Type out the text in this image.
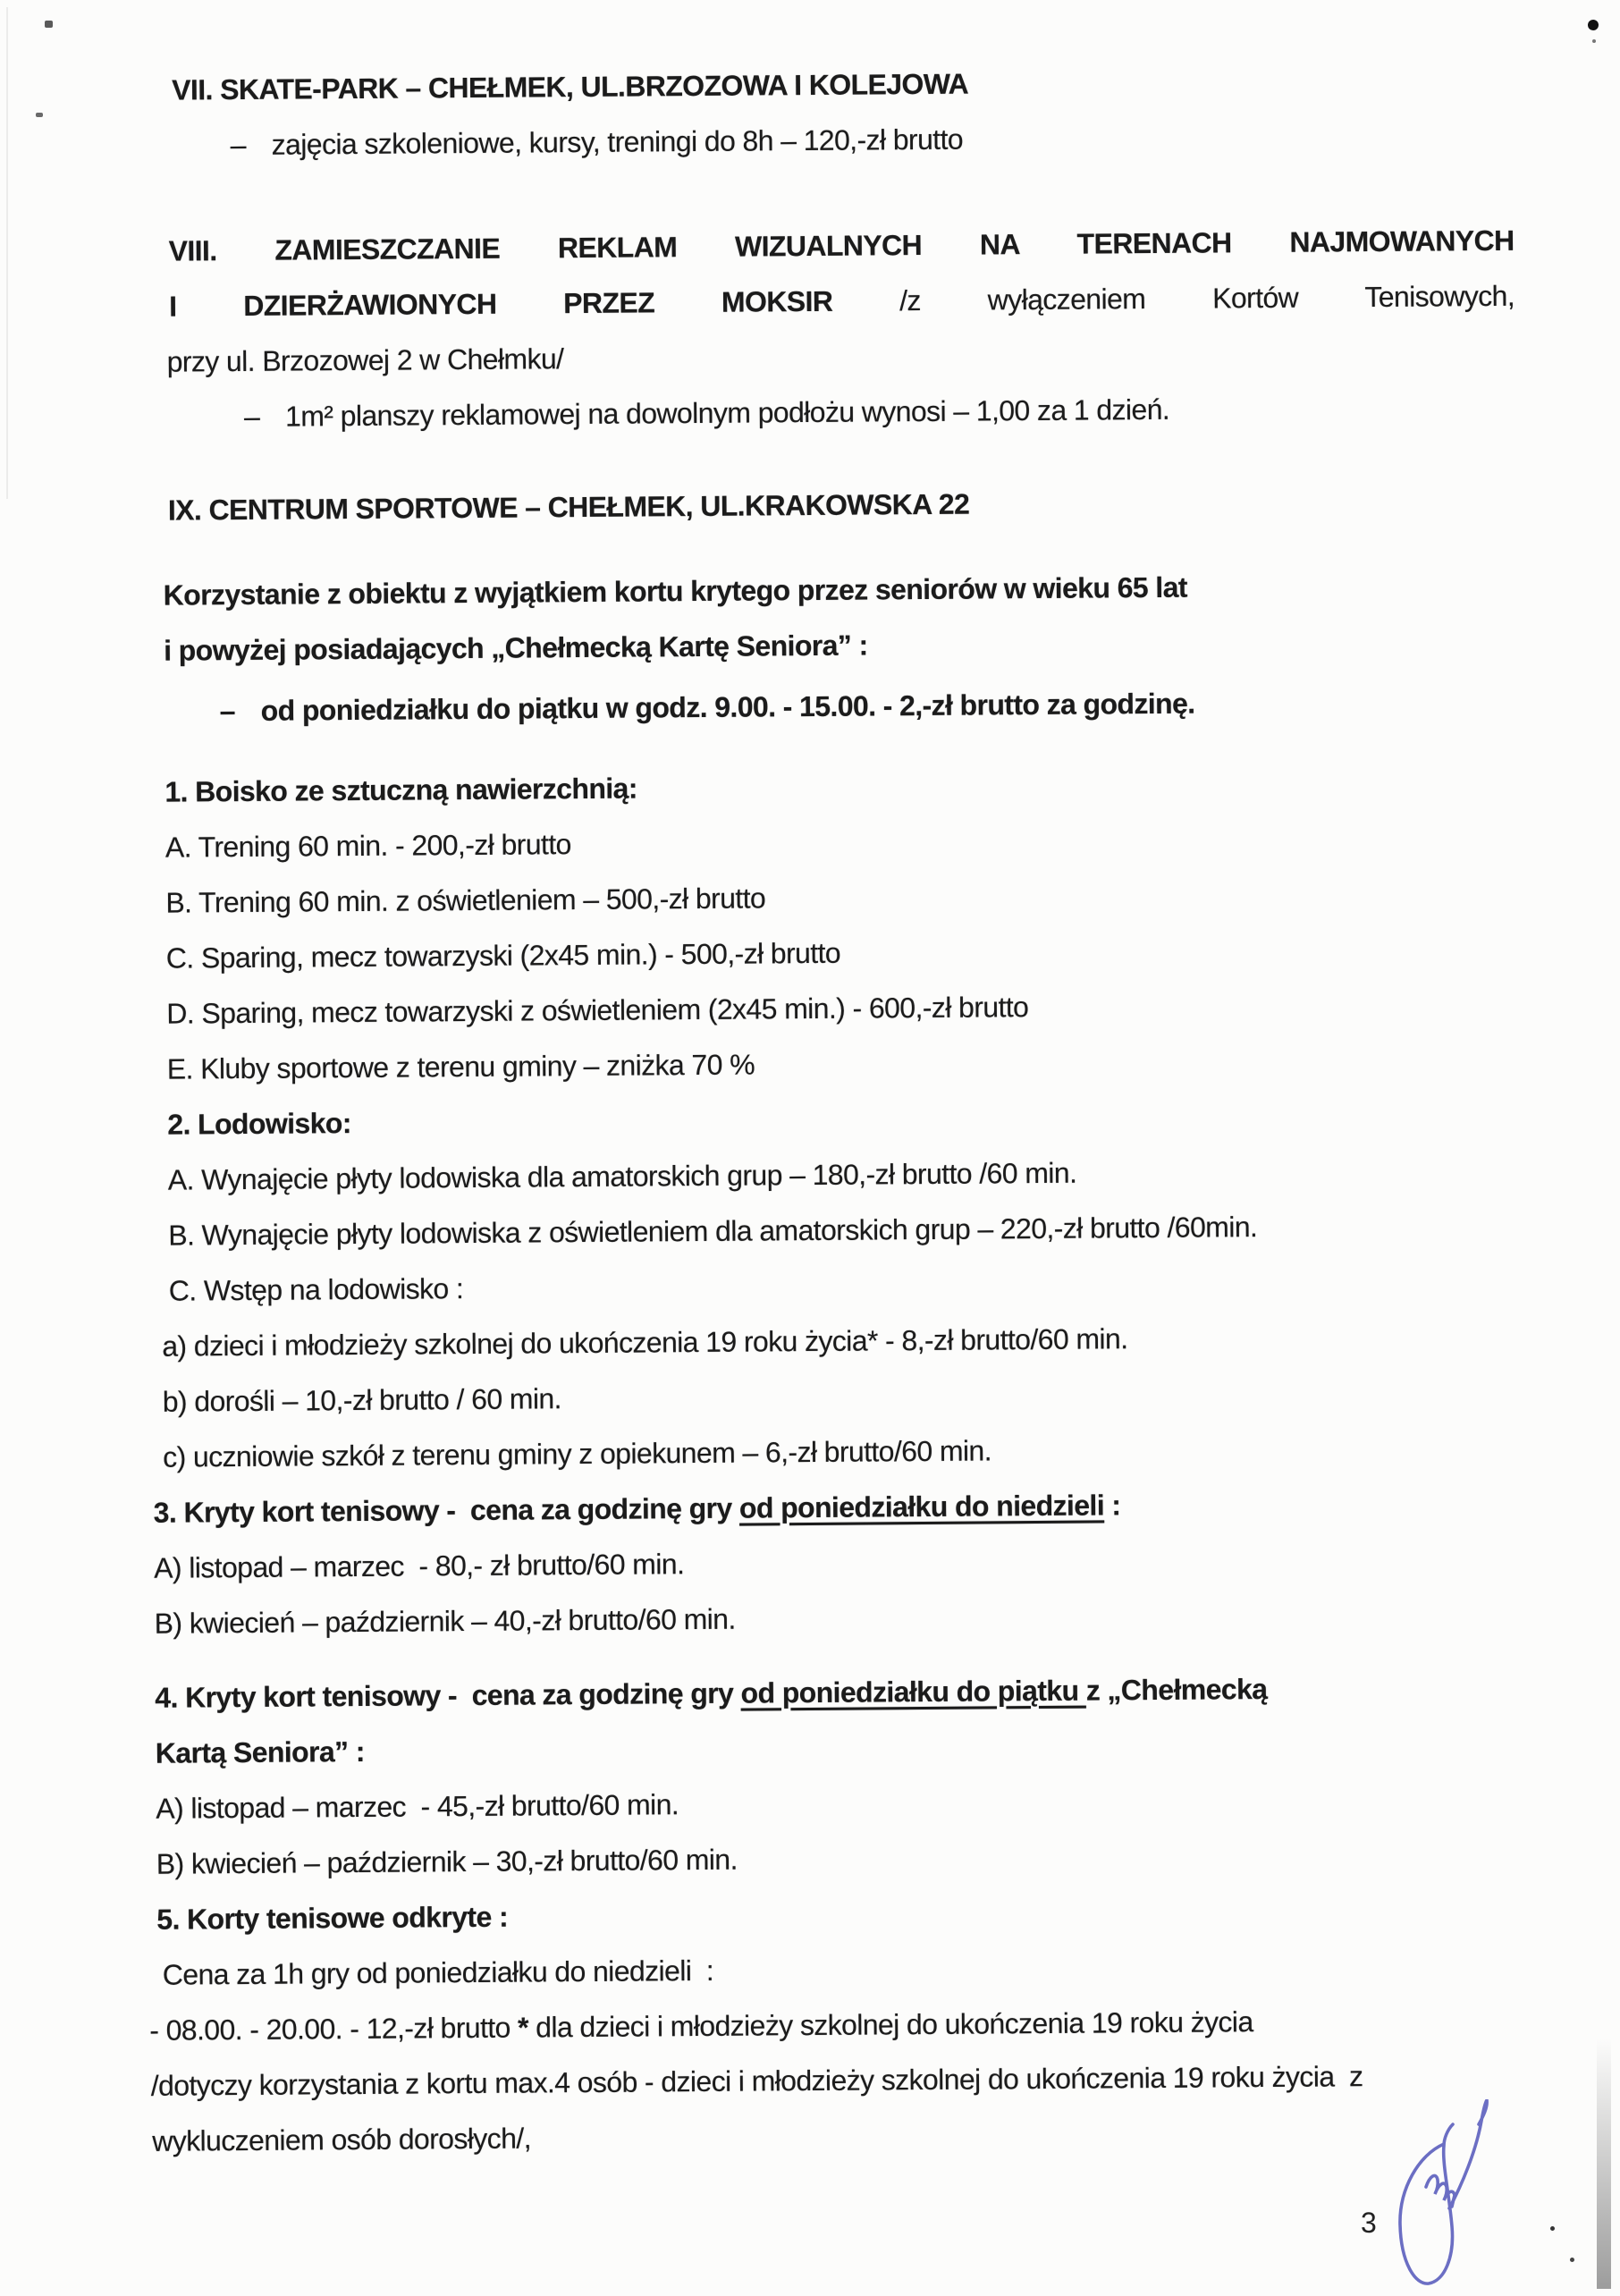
VII. SKATE-PARK – CHEŁMEK, UL.BRZOZOWA I KOLEJOWA
– zajęcia szkoleniowe, kursy, treningi do 8h – 120,-zł brutto
VIII. ZAMIESZCZANIE REKLAM WIZUALNYCH NA TERENACH NAJMOWANYCH
I DZIERŻAWIONYCH PRZEZ MOKSIR /z wyłączeniem Kortów Tenisowych,
przy ul. Brzozowej 2 w Chełmku/
– 1m² planszy reklamowej na dowolnym podłożu wynosi – 1,00 za 1 dzień.
IX. CENTRUM SPORTOWE – CHEŁMEK, UL.KRAKOWSKA 22
Korzystanie z obiektu z wyjątkiem kortu krytego przez seniorów w wieku 65 lat
i powyżej posiadających „Chełmecką Kartę Seniora” :
– od poniedziałku do piątku w godz. 9.00. - 15.00. - 2,-zł brutto za godzinę.
1. Boisko ze sztuczną nawierzchnią:
A. Trening 60 min. - 200,-zł brutto
B. Trening 60 min. z oświetleniem – 500,-zł brutto
C. Sparing, mecz towarzyski (2x45 min.) - 500,-zł brutto
D. Sparing, mecz towarzyski z oświetleniem (2x45 min.) - 600,-zł brutto
E. Kluby sportowe z terenu gminy – zniżka 70 %
2. Lodowisko:
A. Wynajęcie płyty lodowiska dla amatorskich grup – 180,-zł brutto /60 min.
B. Wynajęcie płyty lodowiska z oświetleniem dla amatorskich grup – 220,-zł brutto /60min.
C. Wstęp na lodowisko :
a) dzieci i młodzieży szkolnej do ukończenia 19 roku życia* - 8,-zł brutto/60 min.
b) dorośli – 10,-zł brutto / 60 min.
c) uczniowie szkół z terenu gminy z opiekunem – 6,-zł brutto/60 min.
3. Kryty kort tenisowy -  cena za godzinę gry od poniedziałku do niedzieli :
A) listopad – marzec  - 80,- zł brutto/60 min.
B) kwiecień – październik – 40,-zł brutto/60 min.
4. Kryty kort tenisowy -  cena za godzinę gry od poniedziałku do piątku z „Chełmecką
Kartą Seniora” :
A) listopad – marzec  - 45,-zł brutto/60 min.
B) kwiecień – październik – 30,-zł brutto/60 min.
5. Korty tenisowe odkryte :
Cena za 1h gry od poniedziałku do niedzieli  :
- 08.00. - 20.00. - 12,-zł brutto * dla dzieci i młodzieży szkolnej do ukończenia 19 roku życia
/dotyczy korzystania z kortu max.4 osób - dzieci i młodzieży szkolnej do ukończenia 19 roku życia  z
wykluczeniem osób dorosłych/,
3
